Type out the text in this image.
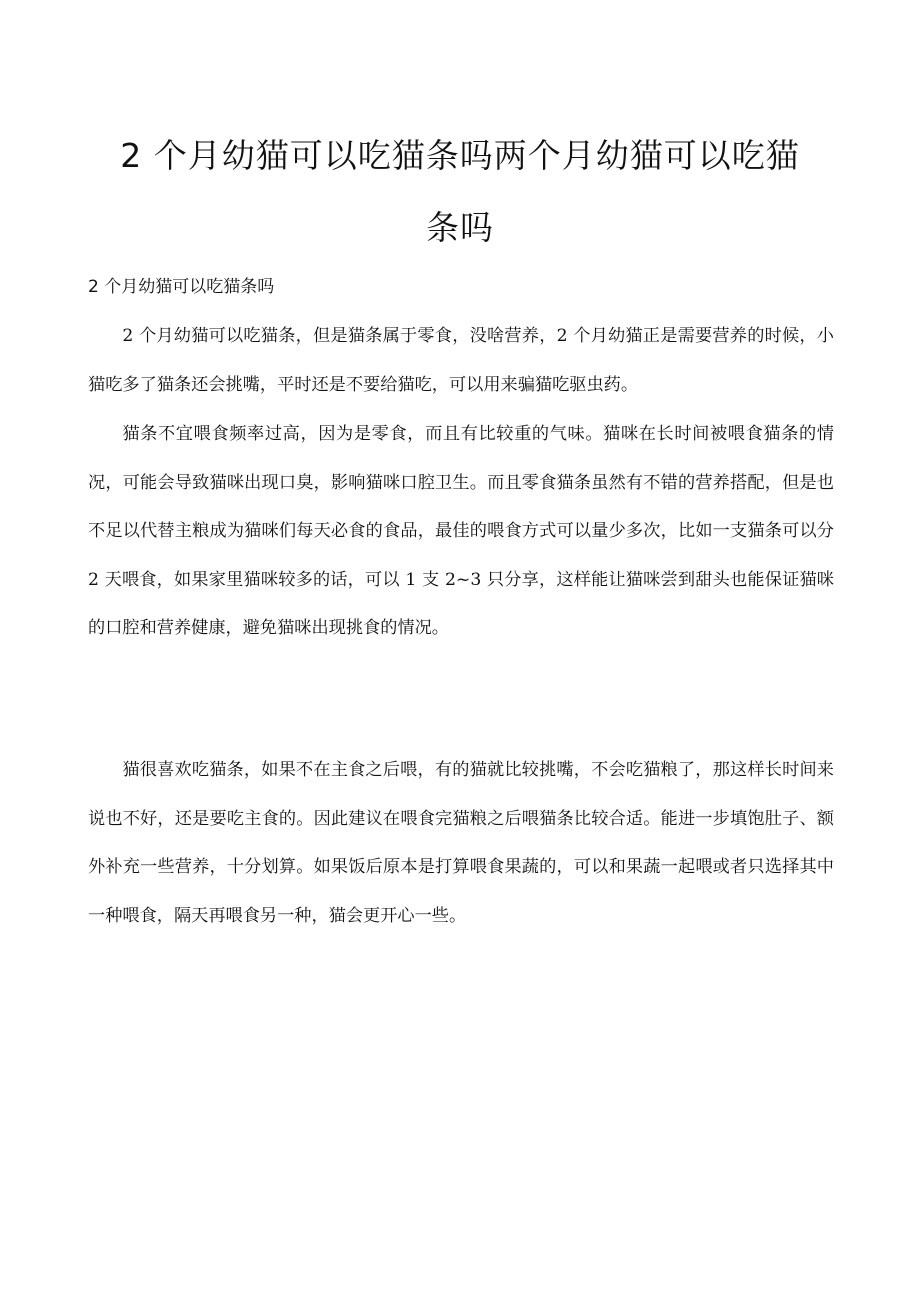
2 个月幼猫可以吃猫条吗两个月幼猫可以吃猫
条吗

2 个月幼猫可以吃猫条吗

2 个月幼猫可以吃猫条，但是猫条属于零食，没啥营养，2 个月幼猫正是需要营养的时候，小猫吃多了猫条还会挑嘴，平时还是不要给猫吃，可以用来骗猫吃驱虫药。

猫条不宜喂食频率过高，因为是零食，而且有比较重的气味。猫咪在长时间被喂食猫条的情况，可能会导致猫咪出现口臭，影响猫咪口腔卫生。而且零食猫条虽然有不错的营养搭配，但是也不足以代替主粮成为猫咪们每天必食的食品，最佳的喂食方式可以量少多次，比如一支猫条可以分 2 天喂食，如果家里猫咪较多的话，可以 1 支 2~3 只分享，这样能让猫咪尝到甜头也能保证猫咪的口腔和营养健康，避免猫咪出现挑食的情况。

猫很喜欢吃猫条，如果不在主食之后喂，有的猫就比较挑嘴，不会吃猫粮了，那这样长时间来说也不好，还是要吃主食的。因此建议在喂食完猫粮之后喂猫条比较合适。能进一步填饱肚子、额外补充一些营养，十分划算。如果饭后原本是打算喂食果蔬的，可以和果蔬一起喂或者只选择其中一种喂食，隔天再喂食另一种，猫会更开心一些。
